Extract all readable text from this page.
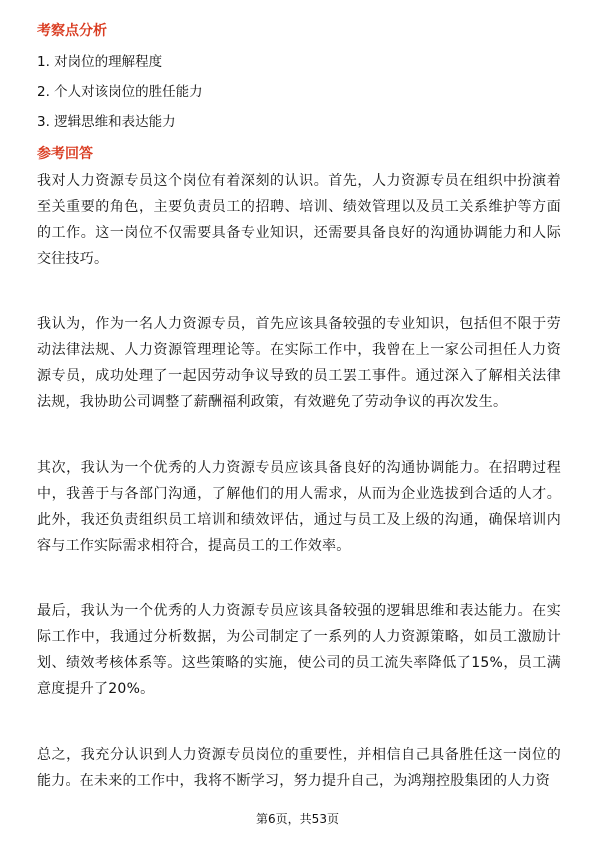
考察点分析

1. 对岗位的理解程度

2. 个人对该岗位的胜任能力

3. 逻辑思维和表达能力

参考回答

我对人力资源专员这个岗位有着深刻的认识。首先，人力资源专员在组织中扮演着至关重要的角色，主要负责员工的招聘、培训、绩效管理以及员工关系维护等方面的工作。这一岗位不仅需要具备专业知识，还需要具备良好的沟通协调能力和人际交往技巧。

我认为，作为一名人力资源专员，首先应该具备较强的专业知识，包括但不限于劳动法律法规、人力资源管理理论等。在实际工作中，我曾在上一家公司担任人力资源专员，成功处理了一起因劳动争议导致的员工罢工事件。通过深入了解相关法律法规，我协助公司调整了薪酬福利政策，有效避免了劳动争议的再次发生。

其次，我认为一个优秀的人力资源专员应该具备良好的沟通协调能力。在招聘过程中，我善于与各部门沟通，了解他们的用人需求，从而为企业选拔到合适的人才。此外，我还负责组织员工培训和绩效评估，通过与员工及上级的沟通，确保培训内容与工作实际需求相符合，提高员工的工作效率。

最后，我认为一个优秀的人力资源专员应该具备较强的逻辑思维和表达能力。在实际工作中，我通过分析数据，为公司制定了一系列的人力资源策略，如员工激励计划、绩效考核体系等。这些策略的实施，使公司的员工流失率降低了15%，员工满意度提升了20%。

总之，我充分认识到人力资源专员岗位的重要性，并相信自己具备胜任这一岗位的能力。在未来的工作中，我将不断学习，努力提升自己，为鸿翔控股集团的人力资

第6页，共53页
